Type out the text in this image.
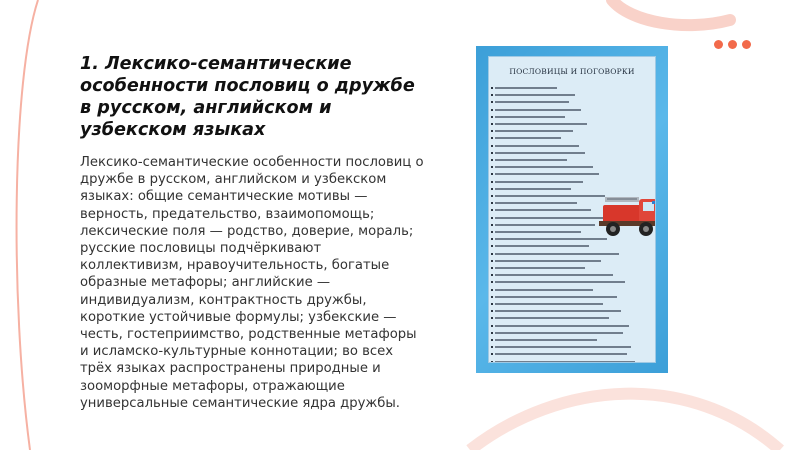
1. Лексико-семантические особенности пословиц о дружбе в русском, английском и узбекском языках

Лексико-семантические особенности пословиц о дружбе в русском, английском и узбекском языках: общие семантические мотивы — верность, предательство, взаимопомощь; лексические поля — родство, доверие, мораль; русские пословицы подчёркивают коллективизм, нравоучительность, богатые образные метафоры; английские — индивидуализм, контрактность дружбы, короткие устойчивые формулы; узбекские — честь, гостеприимство, родственные метафоры и исламско-культурные коннотации; во всех трёх языках распространены природные и зооморфные метафоры, отражающие универсальные семантические ядра дружбы.

ПОСЛОВИЦЫ И ПОГОВОРКИ
